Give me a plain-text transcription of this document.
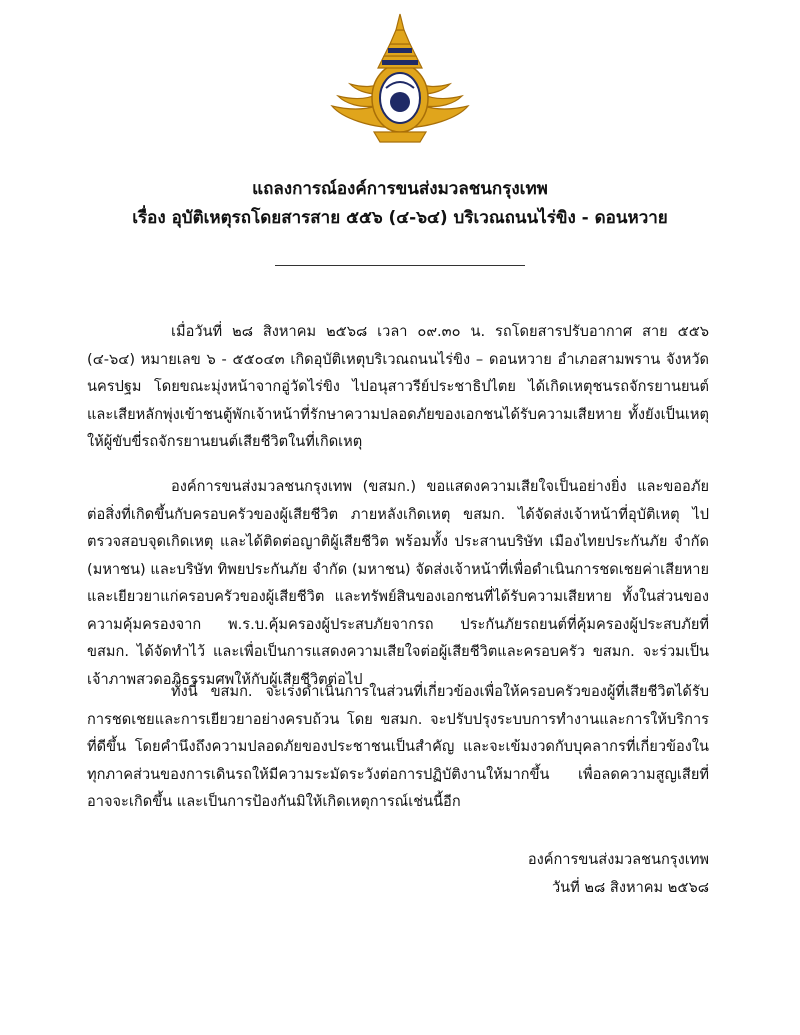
แถลงการณ์องค์การขนส่งมวลชนกรุงเทพ
เรื่อง อุบัติเหตุรถโดยสารสาย ๕๕๖ (๔-๖๔) บริเวณถนนไร่ขิง - ดอนหวาย
เมื่อวันที่ ๒๘ สิงหาคม ๒๕๖๘ เวลา ๐๙.๓๐ น. รถโดยสารปรับอากาศ สาย ๕๕๖ (๔-๖๔) หมายเลข ๖ - ๕๕๐๔๓ เกิดอุบัติเหตุบริเวณถนนไร่ขิง – ดอนหวาย อำเภอสามพราน จังหวัดนครปฐม โดยขณะมุ่งหน้าจากอู่วัดไร่ขิง ไปอนุสาวรีย์ประชาธิปไตย ได้เกิดเหตุชนรถจักรยานยนต์ และเสียหลักพุ่งเข้าชนตู้พักเจ้าหน้าที่รักษาความปลอดภัยของเอกชนได้รับความเสียหาย ทั้งยังเป็นเหตุให้ผู้ขับขี่รถจักรยานยนต์เสียชีวิตในที่เกิดเหตุ
องค์การขนส่งมวลชนกรุงเทพ (ขสมก.) ขอแสดงความเสียใจเป็นอย่างยิ่ง และขออภัยต่อสิ่งที่เกิดขึ้นกับครอบครัวของผู้เสียชีวิต ภายหลังเกิดเหตุ ขสมก. ได้จัดส่งเจ้าหน้าที่อุบัติเหตุ ไปตรวจสอบจุดเกิดเหตุ และได้ติดต่อญาติผู้เสียชีวิต พร้อมทั้ง ประสานบริษัท เมืองไทยประกันภัย จำกัด (มหาชน) และบริษัท ทิพยประกันภัย จำกัด (มหาชน) จัดส่งเจ้าหน้าที่เพื่อดำเนินการชดเชยค่าเสียหาย และเยียวยาแก่ครอบครัวของผู้เสียชีวิต และทรัพย์สินของเอกชนที่ได้รับความเสียหาย ทั้งในส่วนของความคุ้มครองจาก พ.ร.บ.คุ้มครองผู้ประสบภัยจากรถ ประกันภัยรถยนต์ที่คุ้มครองผู้ประสบภัยที่ ขสมก. ได้จัดทำไว้ และเพื่อเป็นการแสดงความเสียใจต่อผู้เสียชีวิตและครอบครัว ขสมก. จะร่วมเป็นเจ้าภาพสวดอภิธรรมศพให้กับผู้เสียชีวิตต่อไป
ทั้งนี้ ขสมก. จะเร่งดำเนินการในส่วนที่เกี่ยวข้องเพื่อให้ครอบครัวของผู้ที่เสียชีวิตได้รับการชดเชยและการเยียวยาอย่างครบถ้วน โดย ขสมก. จะปรับปรุงระบบการทำงานและการให้บริการที่ดีขึ้น โดยคำนึงถึงความปลอดภัยของประชาชนเป็นสำคัญ และจะเข้มงวดกับบุคลากรที่เกี่ยวข้องในทุกภาคส่วนของการเดินรถให้มีความระมัดระวังต่อการปฏิบัติงานให้มากขึ้น เพื่อลดความสูญเสียที่อาจจะเกิดขึ้น และเป็นการป้องกันมิให้เกิดเหตุการณ์เช่นนี้อีก
องค์การขนส่งมวลชนกรุงเทพ
วันที่ ๒๘ สิงหาคม ๒๕๖๘
